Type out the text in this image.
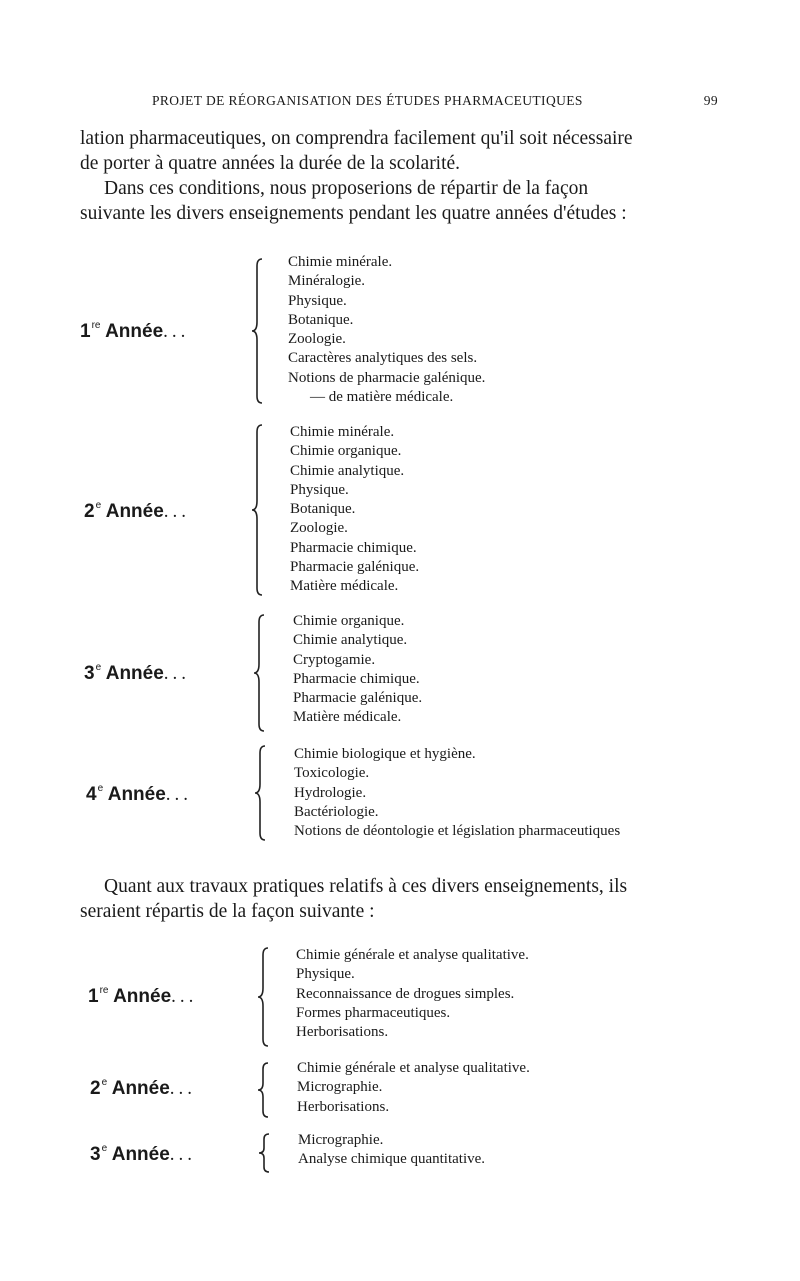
PROJET DE RÉORGANISATION DES ÉTUDES PHARMACEUTIQUES	99

lation pharmaceutiques, on comprendra facilement qu'il soit nécessaire
de porter à quatre années la durée de la scolarité.
Dans ces conditions, nous proposerions de répartir de la façon
suivante les divers enseignements pendant les quatre années d'études :

1re Année...
Chimie minérale.
Minéralogie.
Physique.
Botanique.
Zoologie.
Caractères analytiques des sels.
Notions de pharmacie galénique.
— de matière médicale.
2e Année...
Chimie minérale.
Chimie organique.
Chimie analytique.
Physique.
Botanique.
Zoologie.
Pharmacie chimique.
Pharmacie galénique.
Matière médicale.
3e Année...
Chimie organique.
Chimie analytique.
Cryptogamie.
Pharmacie chimique.
Pharmacie galénique.
Matière médicale.
4e Année...
Chimie biologique et hygiène.
Toxicologie.
Hydrologie.
Bactériologie.
Notions de déontologie et législation pharmaceutiques

Quant aux travaux pratiques relatifs à ces divers enseignements, ils
seraient répartis de la façon suivante :

1re Année...
Chimie générale et analyse qualitative.
Physique.
Reconnaissance de drogues simples.
Formes pharmaceutiques.
Herborisations.
2e Année...
Chimie générale et analyse qualitative.
Micrographie.
Herborisations.
3e Année...
Micrographie.
Analyse chimique quantitative.
